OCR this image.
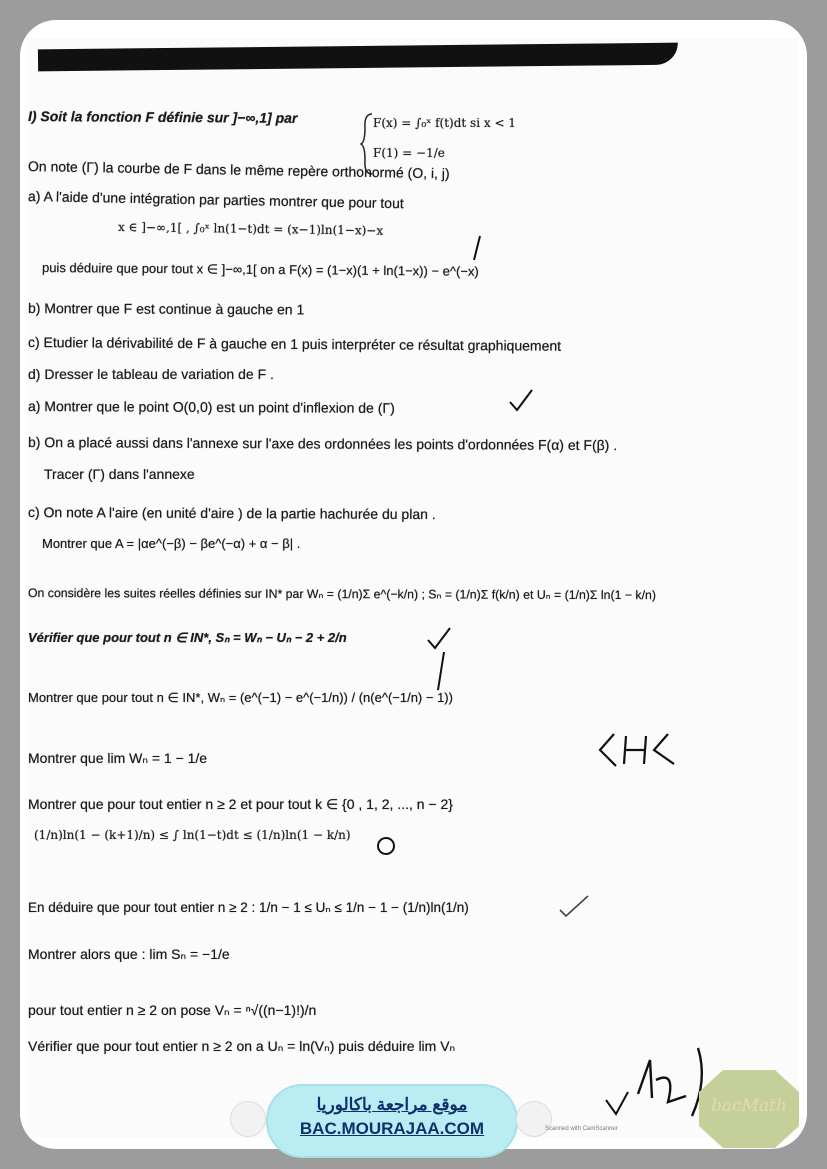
I) Soit la fonction F définie sur ]−∞,1] par	F(x) = ∫₀ˣ f(t)dt si x < 1
F(1) = −1/e
On note (Γ) la courbe de F dans le même repère orthonormé (O, i, j)
a) A l'aide d'une intégration par parties montrer que pour tout
x ∈ ]−∞,1[ , ∫₀ˣ ln(1−t)dt = (x−1)ln(1−x)−x
puis déduire que pour tout x ∈ ]−∞,1[ on a F(x) = (1−x)(1 + ln(1−x)) − e^(−x)
b) Montrer que F est continue à gauche en 1
c) Etudier la dérivabilité de F à gauche en 1 puis interpréter ce résultat graphiquement
d) Dresser le tableau de variation de F .
a) Montrer que le point O(0,0) est un point d'inflexion de (Γ)
b) On a placé aussi dans l'annexe sur l'axe des ordonnées les points d'ordonnées F(α) et F(β) .
Tracer (Γ) dans l'annexe
c) On note A l'aire (en unité d'aire ) de la partie hachurée du plan .
Montrer que A = |αe^(−β) − βe^(−α) + α − β| .
On considère les suites réelles définies sur IN* par Wₙ = (1/n)Σ e^(−k/n) ; Sₙ = (1/n)Σ f(k/n) et Uₙ = (1/n)Σ ln(1 − k/n)
Vérifier que pour tout n ∈ IN*, Sₙ = Wₙ − Uₙ − 2 + 2/n
Montrer que pour tout n ∈ IN*, Wₙ = (e^(−1) − e^(−1/n)) / (n(e^(−1/n) − 1))
Montrer que lim Wₙ = 1 − 1/e
Montrer que pour tout entier n ≥ 2 et pour tout k ∈ {0 , 1, 2, ..., n − 2}
(1/n)ln(1 − (k+1)/n) ≤ ∫ ln(1−t)dt ≤ (1/n)ln(1 − k/n)
En déduire que pour tout entier n ≥ 2 : 1/n − 1 ≤ Uₙ ≤ 1/n − 1 − (1/n)ln(1/n)
Montrer alors que : lim Sₙ = −1/e
pour tout entier n ≥ 2 on pose Vₙ = ⁿ√((n−1)!)/n
Vérifier que pour tout entier n ≥ 2 on a Uₙ = ln(Vₙ) puis déduire lim Vₙ
موقع مراجعة باكالوريا
BAC.MOURAJAA.COM	Scanned with CamScanner
bacMath
